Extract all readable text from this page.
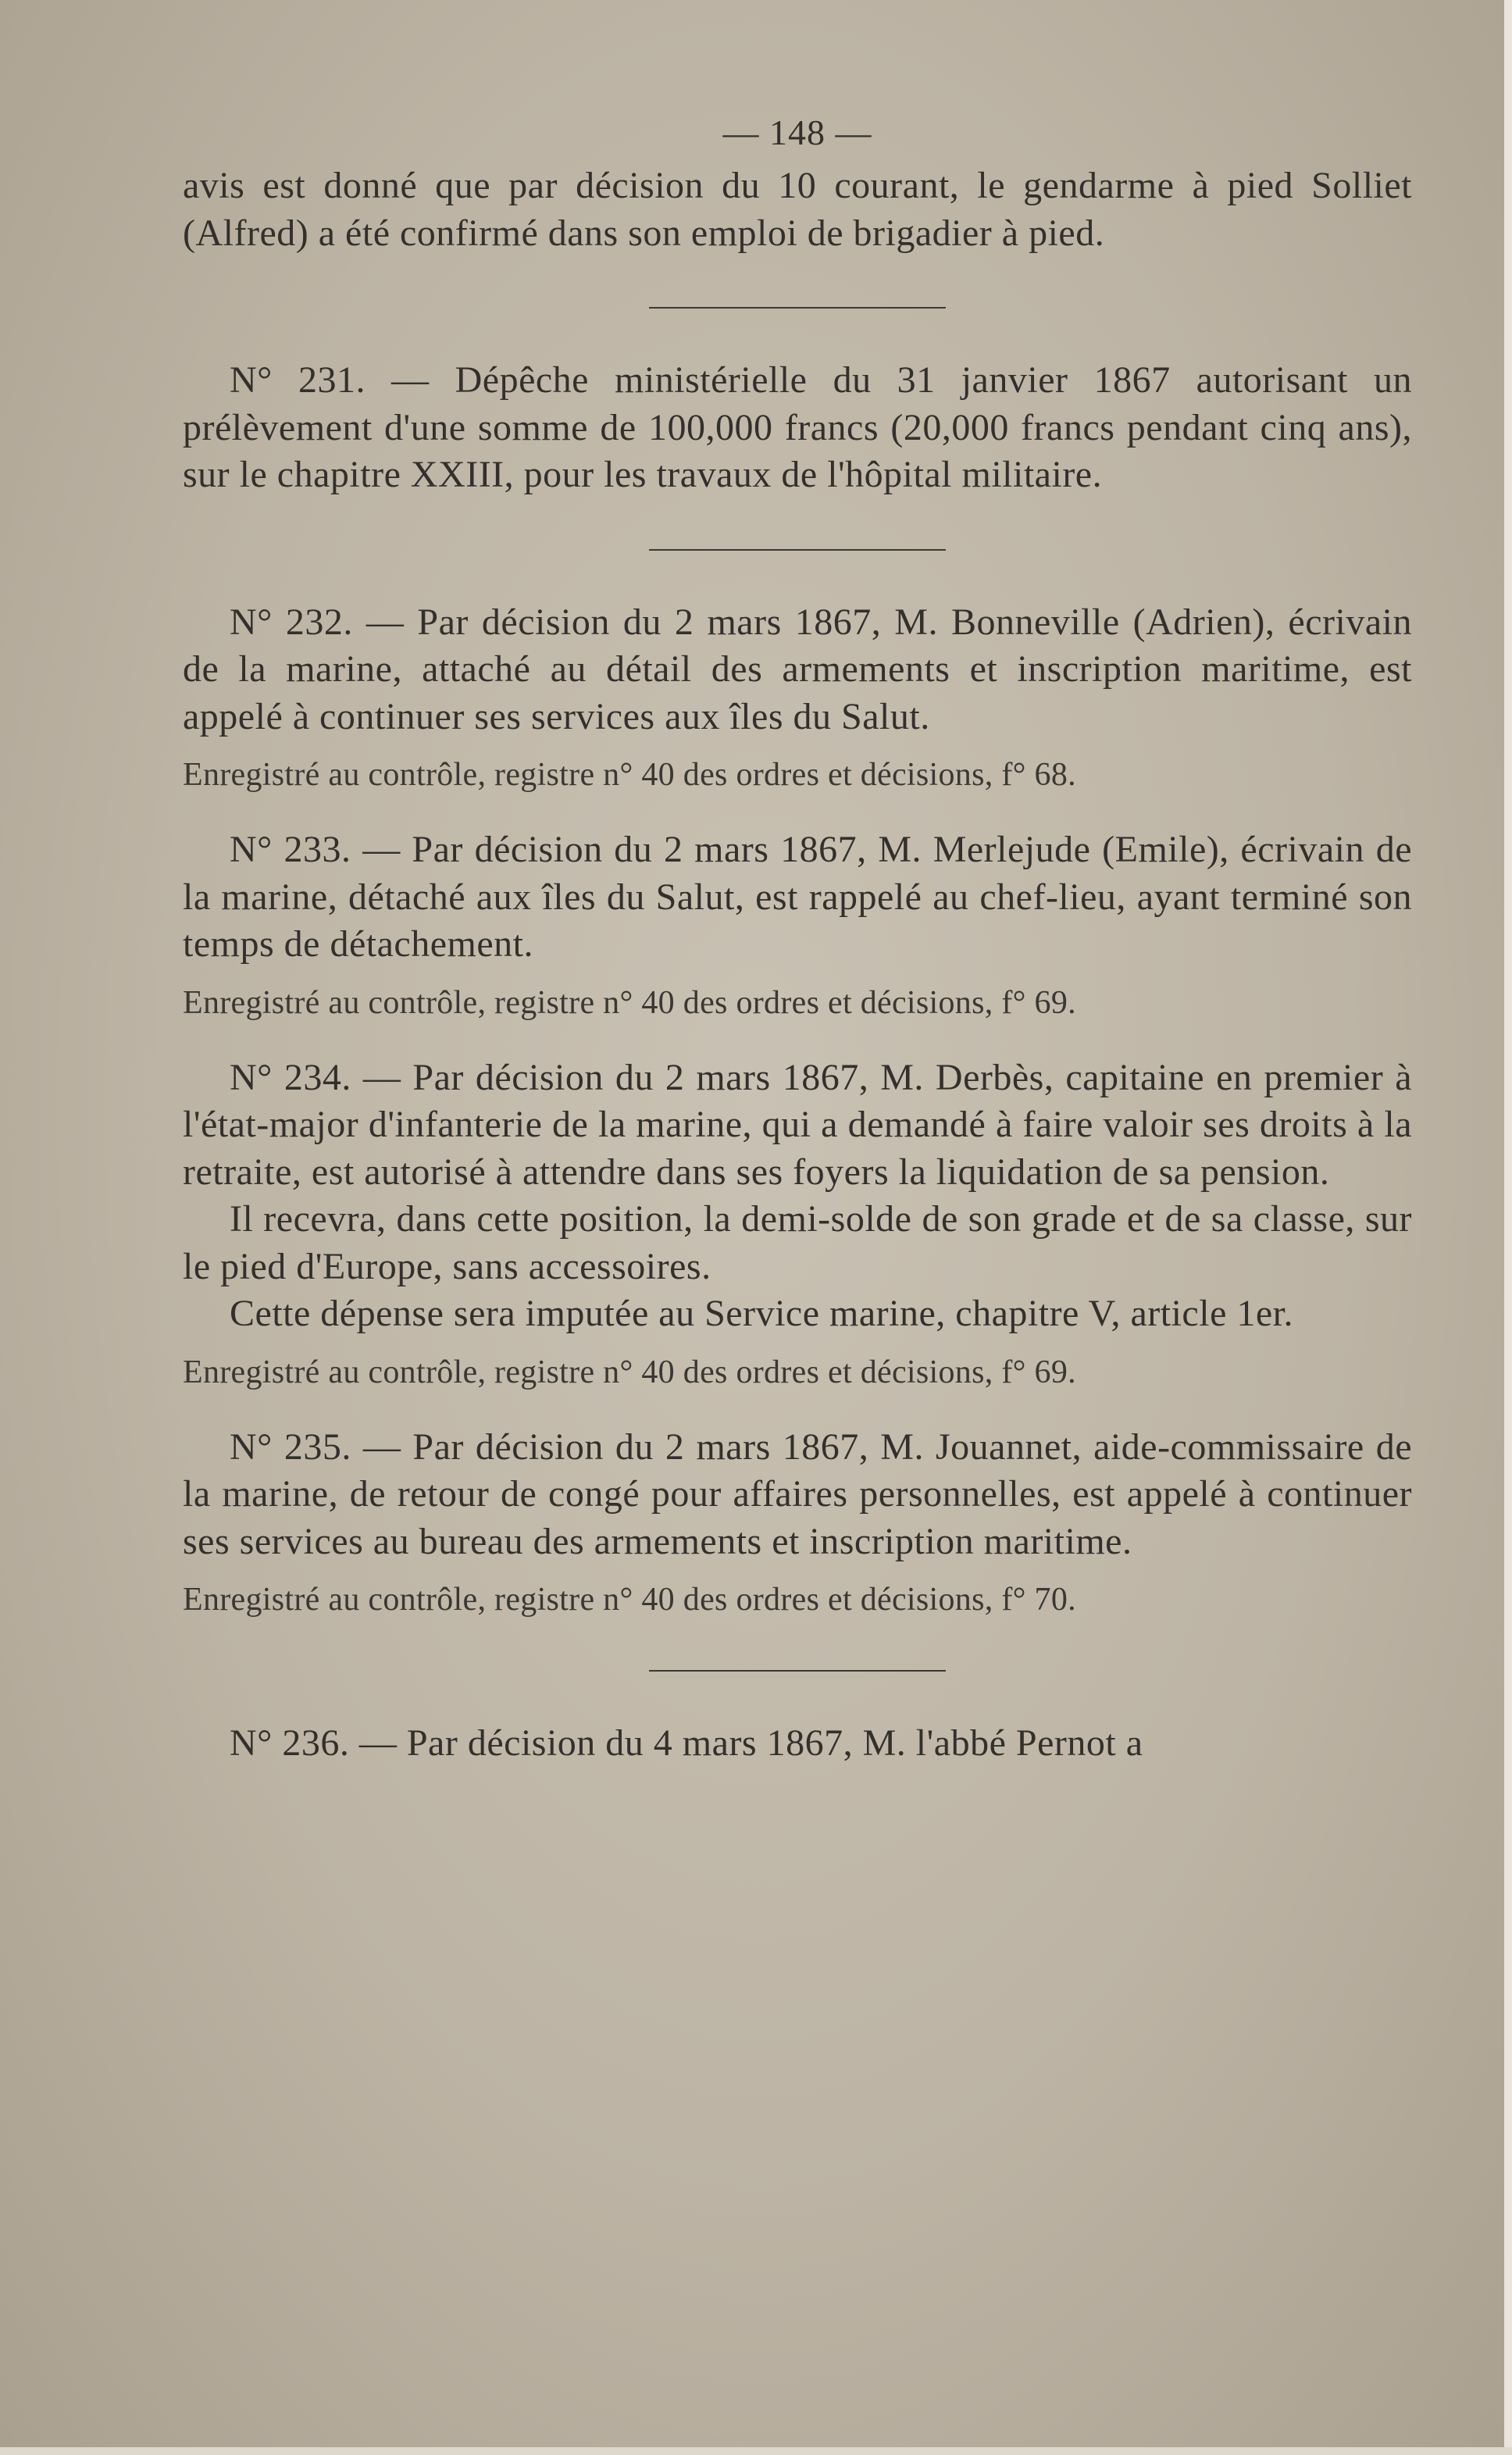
— 148 —

avis est donné que par décision du 10 courant, le gendarme à pied Solliet (Alfred) a été confirmé dans son emploi de brigadier à pied.

N° 231. — Dépêche ministérielle du 31 janvier 1867 autorisant un prélèvement d'une somme de 100,000 francs (20,000 francs pendant cinq ans), sur le chapitre XXIII, pour les travaux de l'hôpital militaire.

N° 232. — Par décision du 2 mars 1867, M. Bonneville (Adrien), écrivain de la marine, attaché au détail des armements et inscription maritime, est appelé à continuer ses services aux îles du Salut.

Enregistré au contrôle, registre n° 40 des ordres et décisions, f° 68.

N° 233. — Par décision du 2 mars 1867, M. Merlejude (Emile), écrivain de la marine, détaché aux îles du Salut, est rappelé au chef-lieu, ayant terminé son temps de détachement.

Enregistré au contrôle, registre n° 40 des ordres et décisions, f° 69.

N° 234. — Par décision du 2 mars 1867, M. Derbès, capitaine en premier à l'état-major d'infanterie de la marine, qui a demandé à faire valoir ses droits à la retraite, est autorisé à attendre dans ses foyers la liquidation de sa pension.

Il recevra, dans cette position, la demi-solde de son grade et de sa classe, sur le pied d'Europe, sans accessoires.

Cette dépense sera imputée au Service marine, chapitre V, article 1er.

Enregistré au contrôle, registre n° 40 des ordres et décisions, f° 69.

N° 235. — Par décision du 2 mars 1867, M. Jouannet, aide-commissaire de la marine, de retour de congé pour affaires personnelles, est appelé à continuer ses services au bureau des armements et inscription maritime.

Enregistré au contrôle, registre n° 40 des ordres et décisions, f° 70.

N° 236. — Par décision du 4 mars 1867, M. l'abbé Pernot a
